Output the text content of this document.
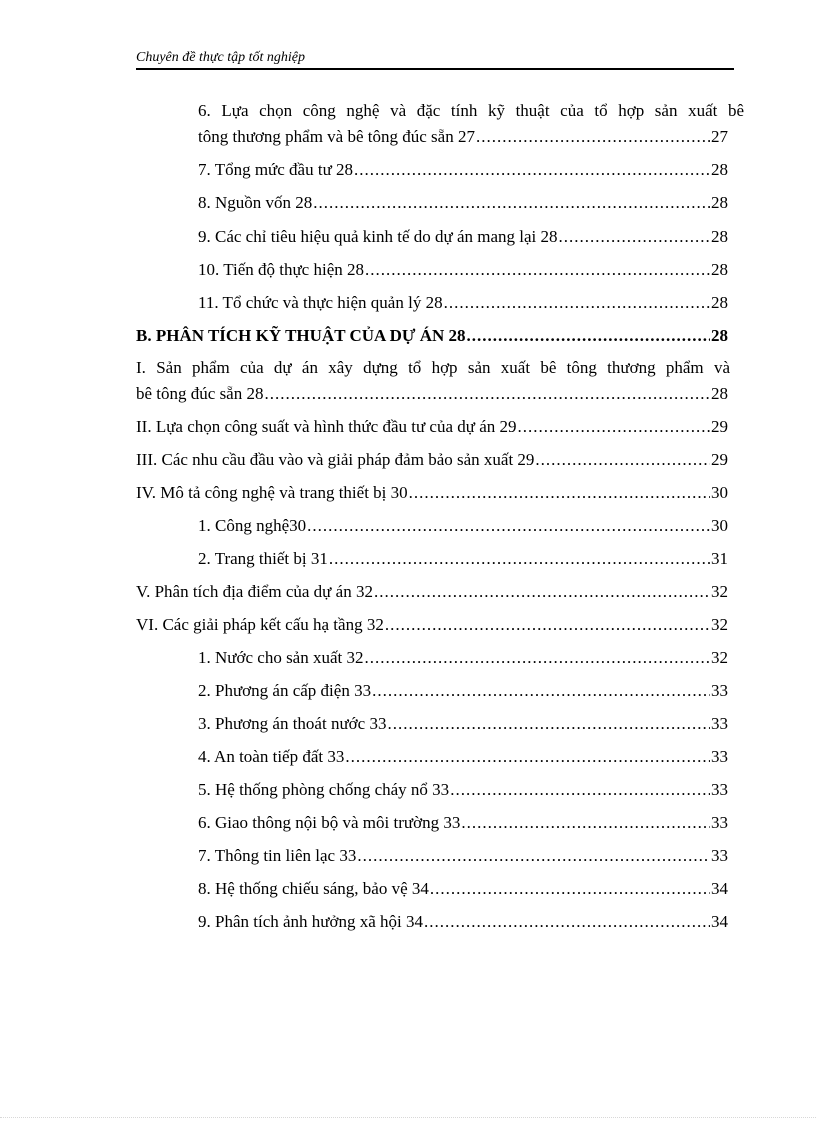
Chuyên đề thực tập tốt nghiệp
6. Lựa chọn công nghệ và đặc tính kỹ thuật của tổ hợp sản xuất bê
tông thương phẩm và bê tông đúc sẵn 27 .....	27
7. Tổng mức đầu tư 28 .....	28
8. Nguồn vốn 28 .....	28
9. Các chỉ tiêu hiệu quả kinh tế do dự án mang lại 28 .....	28
10. Tiến độ thực hiện 28 .....	28
11. Tổ chức và thực hiện quản lý 28 .....	28
B. PHÂN TÍCH KỸ THUẬT CỦA DỰ ÁN 28 .....	28
I. Sản phẩm của dự án xây dựng tổ hợp sản xuất bê tông thương phẩm và
bê tông đúc sẵn 28 .....	28
II. Lựa chọn công suất và hình thức đầu tư của dự án 29 .....	29
III. Các nhu cầu đầu vào và giải pháp đảm bảo sản xuất 29 .....	29
IV. Mô tả công nghệ và trang thiết bị 30 .....	30
1. Công nghệ30 .....	30
2. Trang thiết bị 31 .....	31
V. Phân tích địa điểm của dự án 32 .....	32
VI. Các giải pháp kết cấu hạ tầng 32 .....	32
1. Nước cho sản xuất 32 .....	32
2. Phương án cấp điện 33 .....	33
3. Phương án thoát nước 33 .....	33
4. An toàn tiếp đất 33 .....	33
5. Hệ thống phòng chống cháy nổ 33 .....	33
6. Giao thông nội bộ và môi trường 33 .....	33
7. Thông tin liên lạc 33 .....	33
8. Hệ thống chiếu sáng, bảo vệ 34 .....	34
9. Phân tích ảnh hưởng xã hội 34 .....	34
